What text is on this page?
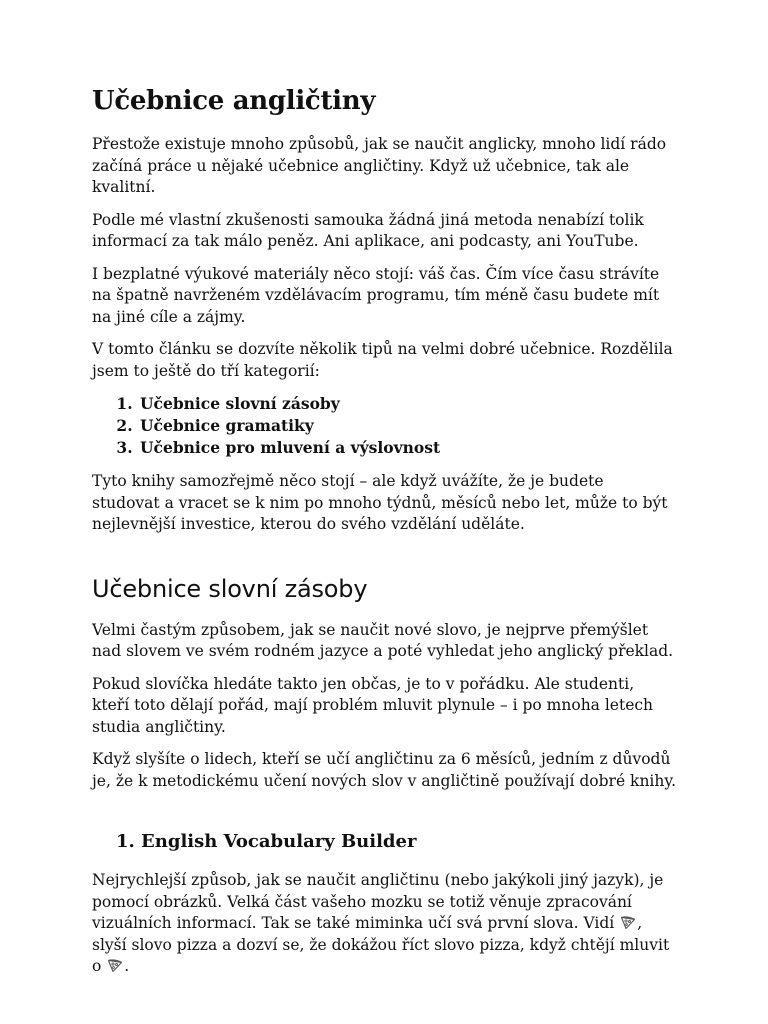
Učebnice angličtiny

Přestože existuje mnoho způsobů, jak se naučit anglicky, mnoho lidí rádo začíná práce u nějaké učebnice angličtiny. Když už učebnice, tak ale kvalitní.

Podle mé vlastní zkušenosti samouka žádná jiná metoda nenabízí tolik informací za tak málo peněz. Ani aplikace, ani podcasty, ani YouTube.

I bezplatné výukové materiály něco stojí: váš čas. Čím více času strávíte na špatně navrženém vzdělávacím programu, tím méně času budete mít na jiné cíle a zájmy.

V tomto článku se dozvíte několik tipů na velmi dobré učebnice. Rozdělila jsem to ještě do tří kategorií:

1. Učebnice slovní zásoby
2. Učebnice gramatiky
3. Učebnice pro mluvení a výslovnost

Tyto knihy samozřejmě něco stojí – ale když uvážíte, že je budete studovat a vracet se k nim po mnoho týdnů, měsíců nebo let, může to být nejlevnější investice, kterou do svého vzdělání uděláte.

Učebnice slovní zásoby

Velmi častým způsobem, jak se naučit nové slovo, je nejprve přemýšlet nad slovem ve svém rodném jazyce a poté vyhledat jeho anglický překlad.

Pokud slovíčka hledáte takto jen občas, je to v pořádku. Ale studenti, kteří toto dělají pořád, mají problém mluvit plynule – i po mnoha letech studia angličtiny.

Když slyšíte o lidech, kteří se učí angličtinu za 6 měsíců, jedním z důvodů je, že k metodickému učení nových slov v angličtině používají dobré knihy.

1. English Vocabulary Builder

Nejrychlejší způsob, jak se naučit angličtinu (nebo jakýkoli jiný jazyk), je pomocí obrázků. Velká část vašeho mozku se totiž věnuje zpracování vizuálních informací. Tak se také miminka učí svá první slova. Vidí , slyší slovo pizza a dozví se, že dokážou říct slovo pizza, když chtějí mluvit o .
